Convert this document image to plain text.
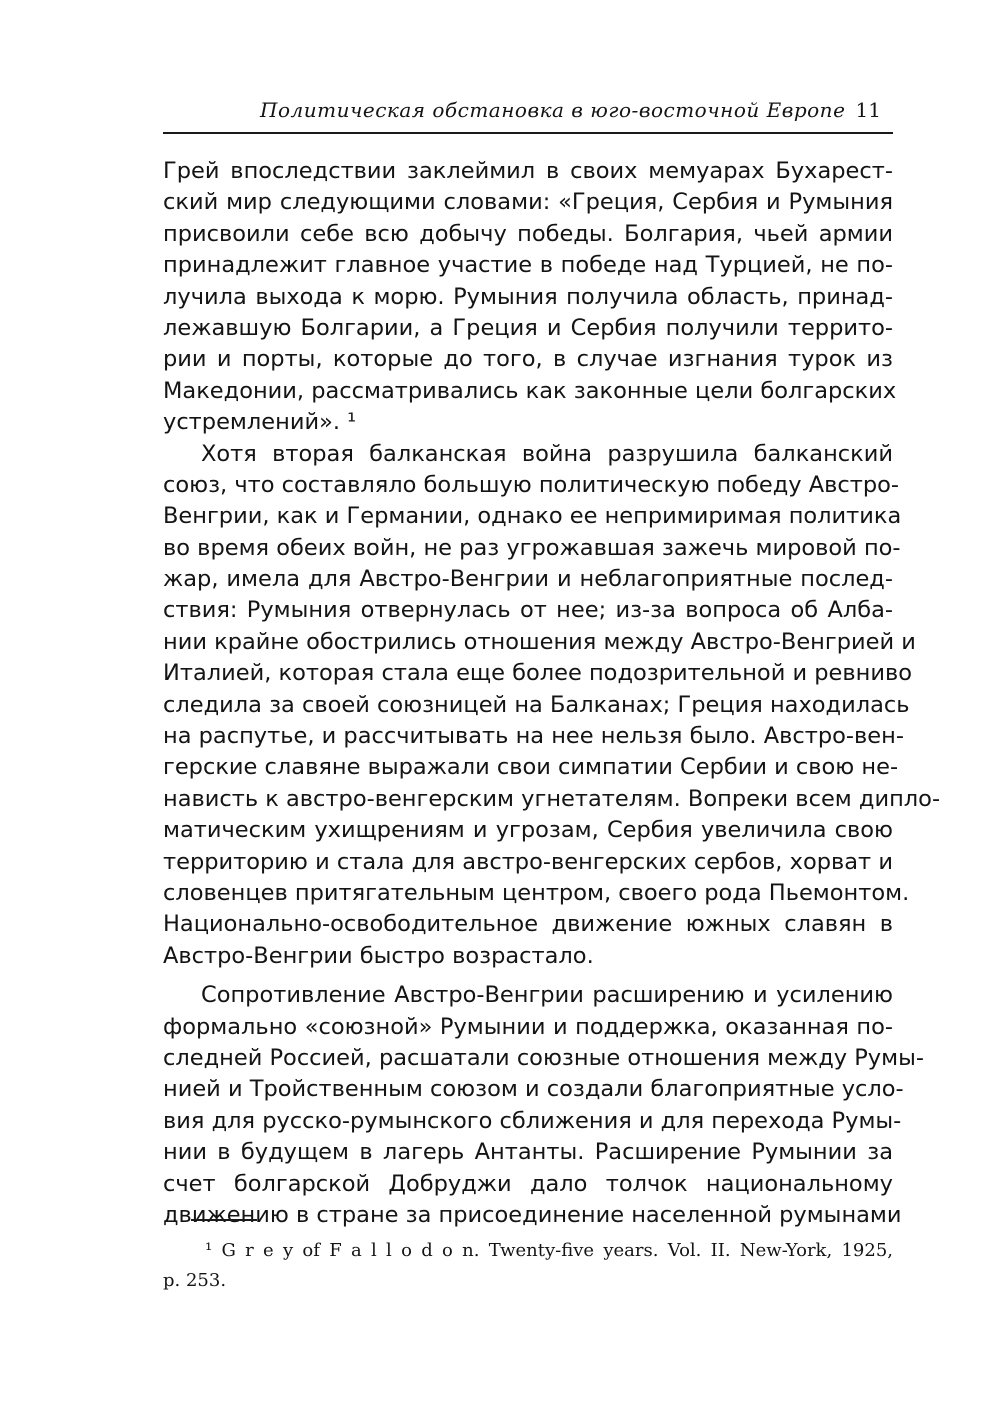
Политическая обстановка в юго-восточной Европе 11
Грей впоследствии заклеймил в своих мемуарах Бухарест-
ский мир следующими словами: «Греция, Сербия и Румыния
присвоили себе всю добычу победы. Болгария, чьей армии
принадлежит главное участие в победе над Турцией, не по-
лучила выхода к морю. Румыния получила область, принад-
лежавшую Болгарии, а Греция и Сербия получили террито-
рии и порты, которые до того, в случае изгнания турок из
Македонии, рассматривались как законные цели болгарских
устремлений». ¹
Хотя вторая балканская война разрушила балканский
союз, что составляло большую политическую победу Австро-
Венгрии, как и Германии, однако ее непримиримая политика
во время обеих войн, не раз угрожавшая зажечь мировой по-
жар, имела для Австро-Венгрии и неблагоприятные послед-
ствия: Румыния отвернулась от нее; из-за вопроса об Алба-
нии крайне обострились отношения между Австро-Венгрией и
Италией, которая стала еще более подозрительной и ревниво
следила за своей союзницей на Балканах; Греция находилась
на распутье, и рассчитывать на нее нельзя было. Австро-вен-
герские славяне выражали свои симпатии Сербии и свою не-
нависть к австро-венгерским угнетателям. Вопреки всем дипло-
матическим ухищрениям и угрозам, Сербия увеличила свою
территорию и стала для австро-венгерских сербов, хорват и
словенцев притягательным центром, своего рода Пьемонтом.
Национально-освободительное движение южных славян в
Австро-Венгрии быстро возрастало.
Сопротивление Австро-Венгрии расширению и усилению
формально «союзной» Румынии и поддержка, оказанная по-
следней Россией, расшатали союзные отношения между Румы-
нией и Тройственным союзом и создали благоприятные усло-
вия для русско-румынского сближения и для перехода Румы-
нии в будущем в лагерь Антанты. Расширение Румынии за
счет болгарской Добруджи дало толчок национальному
движению в стране за присоединение населенной румынами
¹ G r e y of F a l l o d o n. Twenty-five years. Vol. II. New-York, 1925,
p. 253.
